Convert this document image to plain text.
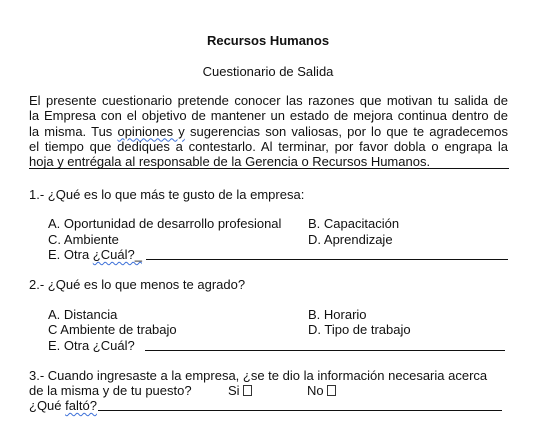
Recursos Humanos
Cuestionario de Salida
El presente cuestionario pretende conocer las razones que motivan tu salida de
la Empresa con el objetivo de mantener un estado de mejora continua dentro de
la misma. Tus opiniones y sugerencias son valiosas, por lo que te agradecemos
el tiempo que dediques a contestarlo. Al terminar, por favor dobla o engrapa la
hoja y entrégala al responsable de la Gerencia o Recursos Humanos.
1.- ¿Qué es lo que más te gusto de la empresa:
A. Oportunidad de desarrollo profesional B. Capacitación
C. Ambiente	D. Aprendizaje
E. Otra ¿Cuál?_
2.- ¿Qué es lo que menos te agrado?
A. Distancia	B. Horario
C Ambiente de trabajo	D. Tipo de trabajo
E. Otra ¿Cuál?
3.- Cuando ingresaste a la empresa, ¿se te dio la información necesaria acerca
de la misma y de tu puesto?	Si	No
¿Qué faltó?
